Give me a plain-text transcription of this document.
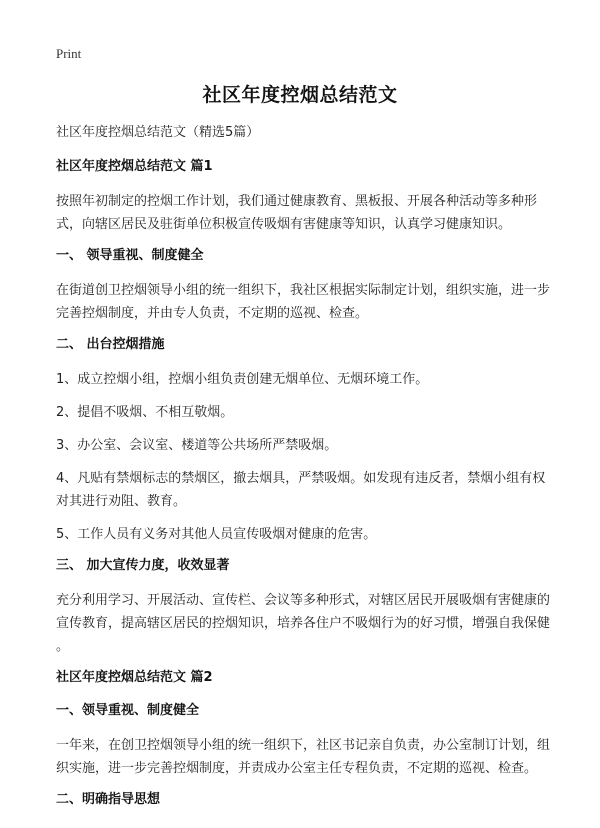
Print
社区年度控烟总结范文

社区年度控烟总结范文（精选5篇）

社区年度控烟总结范文 篇1

按照年初制定的控烟工作计划，我们通过健康教育、黑板报、开展各种活动等多种形式，向辖区居民及驻街单位积极宣传吸烟有害健康等知识，认真学习健康知识。

一、 领导重视、制度健全

在街道创卫控烟领导小组的统一组织下，我社区根据实际制定计划，组织实施，进一步完善控烟制度，并由专人负责，不定期的巡视、检查。

二、 出台控烟措施

1、成立控烟小组，控烟小组负责创建无烟单位、无烟环境工作。

2、提倡不吸烟、不相互敬烟。

3、办公室、会议室、楼道等公共场所严禁吸烟。

4、凡贴有禁烟标志的禁烟区，撤去烟具，严禁吸烟。如发现有违反者，禁烟小组有权对其进行劝阻、教育。

5、工作人员有义务对其他人员宣传吸烟对健康的危害。

三、 加大宣传力度，收效显著

充分利用学习、开展活动、宣传栏、会议等多种形式，对辖区居民开展吸烟有害健康的宣传教育，提高辖区居民的控烟知识，培养各住户不吸烟行为的好习惯，增强自我保健 。

社区年度控烟总结范文 篇2
一、领导重视、制度健全

一年来，在创卫控烟领导小组的统一组织下，社区书记亲自负责，办公室制订计划，组织实施，进一步完善控烟制度，并责成办公室主任专程负责，不定期的巡视、检查。

二、明确指导思想
